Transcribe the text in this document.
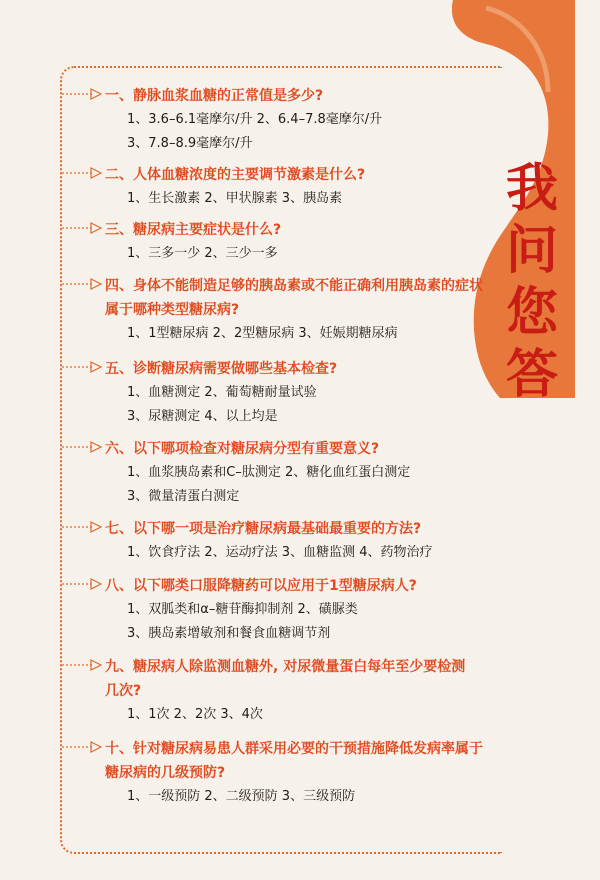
我
问
您
答
一、静脉血浆血糖的正常值是多少?
1、3.6–6.1毫摩尔/升 2、6.4–7.8毫摩尔/升
3、7.8–8.9毫摩尔/升
二、人体血糖浓度的主要调节激素是什么?
1、生长激素 2、甲状腺素 3、胰岛素
三、糖尿病主要症状是什么?
1、三多一少 2、三少一多
四、身体不能制造足够的胰岛素或不能正确利用胰岛素的症状
属于哪种类型糖尿病?
1、1型糖尿病 2、2型糖尿病 3、妊娠期糖尿病
五、诊断糖尿病需要做哪些基本检查?
1、血糖测定 2、葡萄糖耐量试验
3、尿糖测定 4、以上均是
六、以下哪项检查对糖尿病分型有重要意义?
1、血浆胰岛素和C–肽测定 2、糖化血红蛋白测定
3、微量清蛋白测定
七、以下哪一项是治疗糖尿病最基础最重要的方法?
1、饮食疗法 2、运动疗法 3、血糖监测 4、药物治疗
八、以下哪类口服降糖药可以应用于1型糖尿病人?
1、双胍类和α–糖苷酶抑制剂 2、磺脲类
3、胰岛素增敏剂和餐食血糖调节剂
九、糖尿病人除监测血糖外, 对尿微量蛋白每年至少要检测
几次?
1、1次 2、2次 3、4次
十、针对糖尿病易患人群采用必要的干预措施降低发病率属于
糖尿病的几级预防?
1、一级预防 2、二级预防 3、三级预防
